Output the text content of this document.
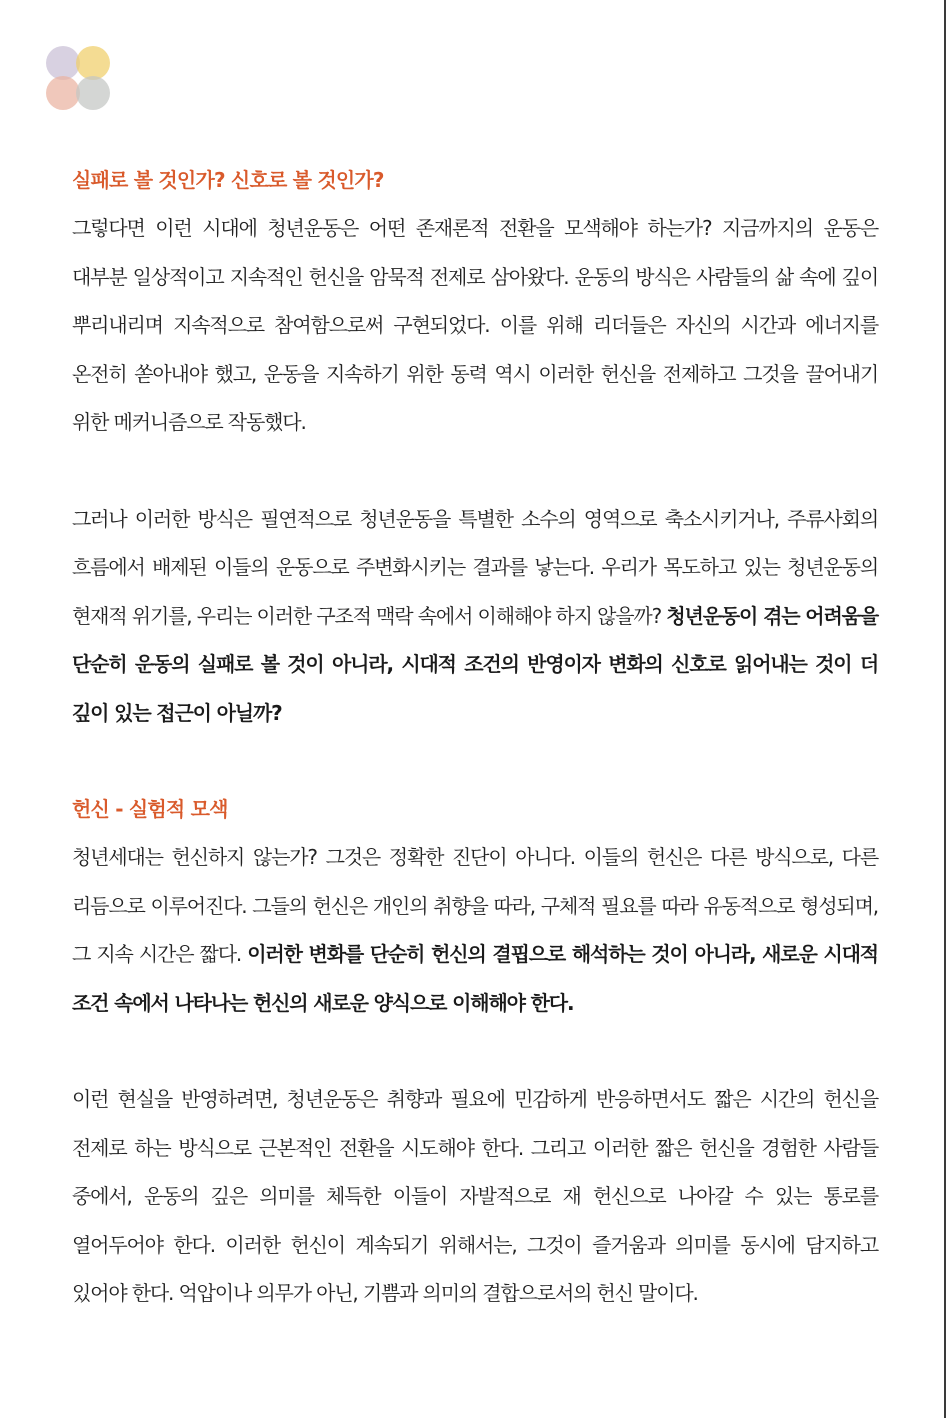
실패로 볼 것인가? 신호로 볼 것인가?

그렇다면 이런 시대에 청년운동은 어떤 존재론적 전환을 모색해야 하는가? 지금까지의 운동은 대부분 일상적이고 지속적인 헌신을 암묵적 전제로 삼아왔다. 운동의 방식은 사람들의 삶 속에 깊이 뿌리내리며 지속적으로 참여함으로써 구현되었다. 이를 위해 리더들은 자신의 시간과 에너지를 온전히 쏟아내야 했고, 운동을 지속하기 위한 동력 역시 이러한 헌신을 전제하고 그것을 끌어내기 위한 메커니즘으로 작동했다.

그러나 이러한 방식은 필연적으로 청년운동을 특별한 소수의 영역으로 축소시키거나, 주류사회의 흐름에서 배제된 이들의 운동으로 주변화시키는 결과를 낳는다. 우리가 목도하고 있는 청년운동의 현재적 위기를, 우리는 이러한 구조적 맥락 속에서 이해해야 하지 않을까? 청년운동이 겪는 어려움을 단순히 운동의 실패로 볼 것이 아니라, 시대적 조건의 반영이자 변화의 신호로 읽어내는 것이 더 깊이 있는 접근이 아닐까?

헌신 - 실험적 모색

청년세대는 헌신하지 않는가? 그것은 정확한 진단이 아니다. 이들의 헌신은 다른 방식으로, 다른 리듬으로 이루어진다. 그들의 헌신은 개인의 취향을 따라, 구체적 필요를 따라 유동적으로 형성되며, 그 지속 시간은 짧다. 이러한 변화를 단순히 헌신의 결핍으로 해석하는 것이 아니라, 새로운 시대적 조건 속에서 나타나는 헌신의 새로운 양식으로 이해해야 한다.

이런 현실을 반영하려면, 청년운동은 취향과 필요에 민감하게 반응하면서도 짧은 시간의 헌신을 전제로 하는 방식으로 근본적인 전환을 시도해야 한다. 그리고 이러한 짧은 헌신을 경험한 사람들 중에서, 운동의 깊은 의미를 체득한 이들이 자발적으로 재 헌신으로 나아갈 수 있는 통로를 열어두어야 한다. 이러한 헌신이 계속되기 위해서는, 그것이 즐거움과 의미를 동시에 담지하고 있어야 한다. 억압이나 의무가 아닌, 기쁨과 의미의 결합으로서의 헌신 말이다.
